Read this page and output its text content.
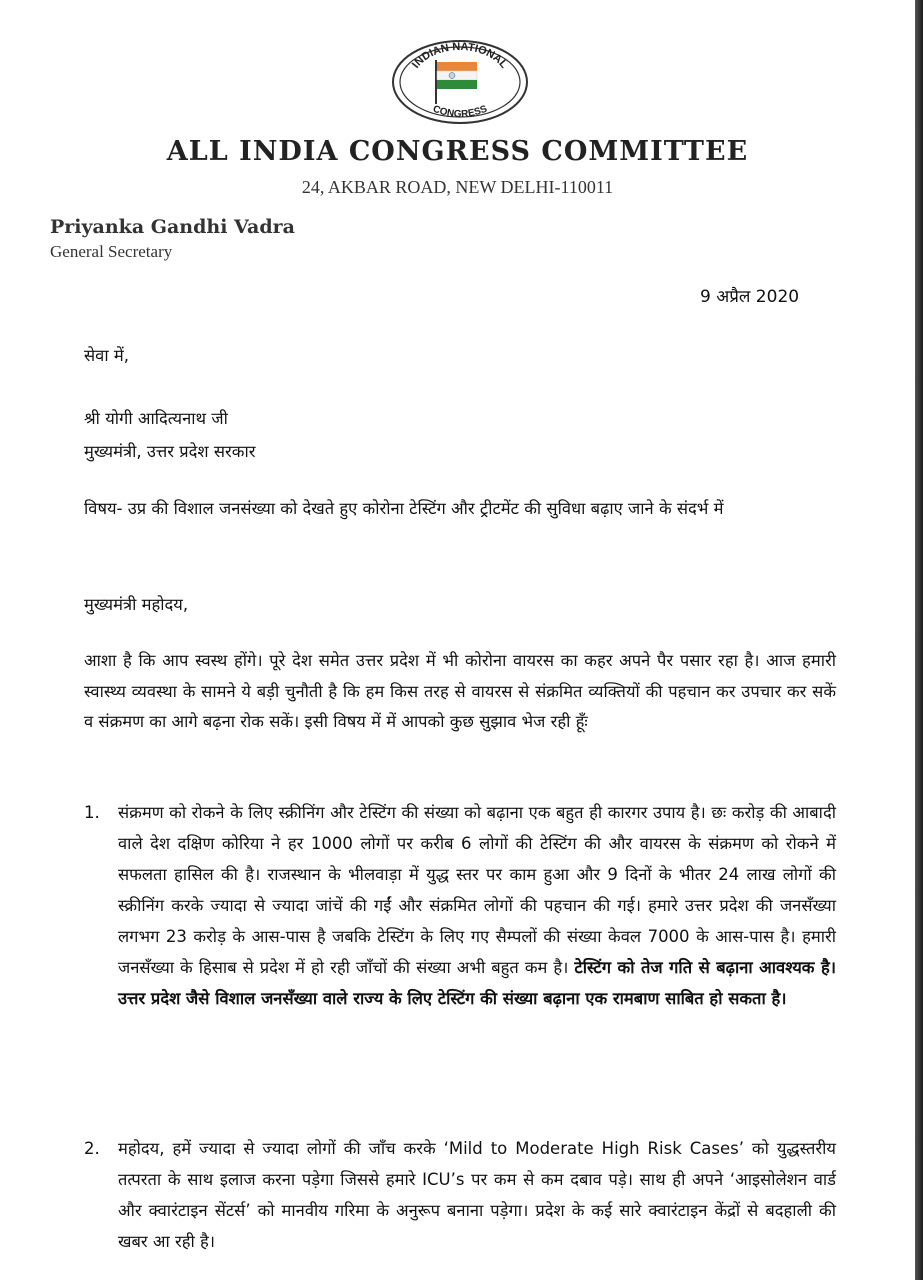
INDIAN NATIONAL
CONGRESS
ALL INDIA CONGRESS COMMITTEE
24, AKBAR ROAD, NEW DELHI-110011
Priyanka Gandhi Vadra
General Secretary
9 अप्रैल 2020
सेवा में,
श्री योगी आदित्यनाथ जी
मुख्यमंत्री, उत्तर प्रदेश सरकार
विषय- उप्र की विशाल जनसंख्या को देखते हुए कोरोना टेस्टिंग और ट्रीटमेंट की सुविधा बढ़ाए जाने के संदर्भ में
मुख्यमंत्री महोदय,
आशा है कि आप स्वस्थ होंगे। पूरे देश समेत उत्तर प्रदेश में भी कोरोना वायरस का कहर अपने पैर पसार रहा है। आज हमारी स्वास्थ्य व्यवस्था के सामने ये बड़ी चुनौती है कि हम किस तरह से वायरस से संक्रमित व्यक्तियों की पहचान कर उपचार कर सकें व संक्रमण का आगे बढ़ना रोक सकें। इसी विषय में में आपको कुछ सुझाव भेज रही हूँः
1. संक्रमण को रोकने के लिए स्क्रीनिंग और टेस्टिंग की संख्या को बढ़ाना एक बहुत ही कारगर उपाय है। छः करोड़ की आबादी वाले देश दक्षिण कोरिया ने हर 1000 लोगों पर करीब 6 लोगों की टेस्टिंग की और वायरस के संक्रमण को रोकने में सफलता हासिल की है। राजस्थान के भीलवाड़ा में युद्ध स्तर पर काम हुआ और 9 दिनों के भीतर 24 लाख लोगों की स्क्रीनिंग करके ज्यादा से ज्यादा जांचें की गईं और संक्रमित लोगों की पहचान की गई। हमारे उत्तर प्रदेश की जनसँख्या लगभग 23 करोड़ के आस-पास है जबकि टेस्टिंग के लिए गए सैम्पलों की संख्या केवल 7000 के आस-पास है। हमारी जनसँख्या के हिसाब से प्रदेश में हो रही जाँचों की संख्या अभी बहुत कम है। टेस्टिंग को तेज गति से बढ़ाना आवश्यक है। उत्तर प्रदेश जैसे विशाल जनसँख्या वाले राज्य के लिए टेस्टिंग की संख्या बढ़ाना एक रामबाण साबित हो सकता है।
2. महोदय, हमें ज्यादा से ज्यादा लोगों की जाँच करके ‘Mild to Moderate High Risk Cases’ को युद्धस्तरीय तत्परता के साथ इलाज करना पड़ेगा जिससे हमारे ICU’s पर कम से कम दबाव पड़े। साथ ही अपने ‘आइसोलेशन वार्ड और क्वारंटाइन सेंटर्स’ को मानवीय गरिमा के अनुरूप बनाना पड़ेगा। प्रदेश के कई सारे क्वारंटाइन केंद्रों से बदहाली की खबर आ रही है।
